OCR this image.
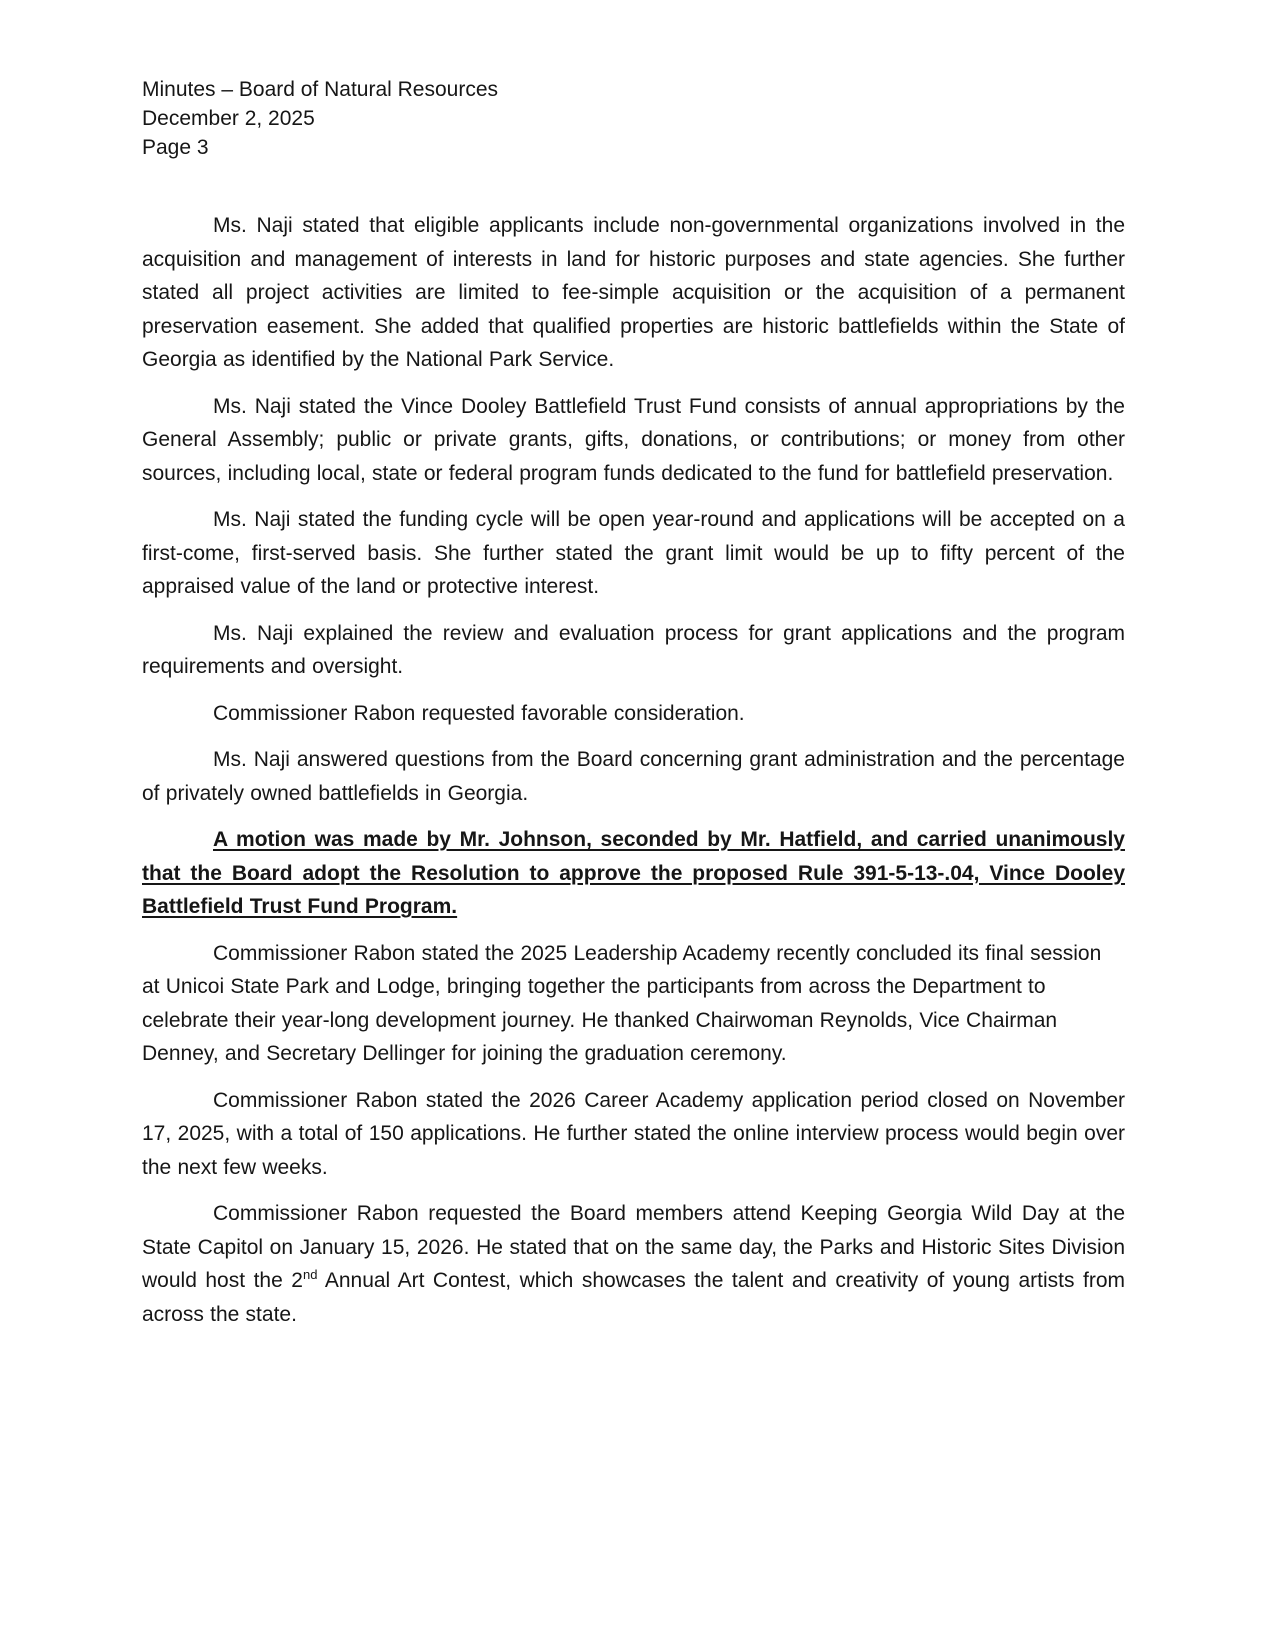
Minutes – Board of Natural Resources
December 2, 2025
Page 3

Ms. Naji stated that eligible applicants include non-governmental organizations involved in the acquisition and management of interests in land for historic purposes and state agencies. She further stated all project activities are limited to fee-simple acquisition or the acquisition of a permanent preservation easement. She added that qualified properties are historic battlefields within the State of Georgia as identified by the National Park Service.

Ms. Naji stated the Vince Dooley Battlefield Trust Fund consists of annual appropriations by the General Assembly; public or private grants, gifts, donations, or contributions; or money from other sources, including local, state or federal program funds dedicated to the fund for battlefield preservation.

Ms. Naji stated the funding cycle will be open year-round and applications will be accepted on a first-come, first-served basis. She further stated the grant limit would be up to fifty percent of the appraised value of the land or protective interest.

Ms. Naji explained the review and evaluation process for grant applications and the program requirements and oversight.

Commissioner Rabon requested favorable consideration.

Ms. Naji answered questions from the Board concerning grant administration and the percentage of privately owned battlefields in Georgia.

A motion was made by Mr. Johnson, seconded by Mr. Hatfield, and carried unanimously that the Board adopt the Resolution to approve the proposed Rule 391-5-13-.04, Vince Dooley Battlefield Trust Fund Program.

Commissioner Rabon stated the 2025 Leadership Academy recently concluded its final session at Unicoi State Park and Lodge, bringing together the participants from across the Department to celebrate their year-long development journey. He thanked Chairwoman Reynolds, Vice Chairman Denney, and Secretary Dellinger for joining the graduation ceremony.

Commissioner Rabon stated the 2026 Career Academy application period closed on November 17, 2025, with a total of 150 applications. He further stated the online interview process would begin over the next few weeks.

Commissioner Rabon requested the Board members attend Keeping Georgia Wild Day at the State Capitol on January 15, 2026. He stated that on the same day, the Parks and Historic Sites Division would host the 2nd Annual Art Contest, which showcases the talent and creativity of young artists from across the state.
